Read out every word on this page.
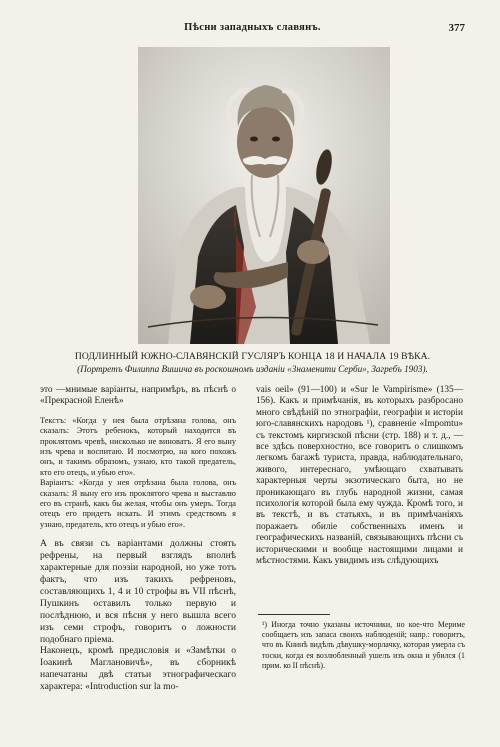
Пѣсни западныхъ славянъ.	377
ПОДЛИННЫЙ ЮЖНО-СЛАВЯНСКІЙ ГУСЛЯРЪ КОНЦА 18 И НАЧАЛА 19 ВѢКА.
(Портретъ Филиппа Вишича въ роскошномъ изданіи «Знаменити Серби», Загребъ 1903).

это —мнимые варіанты, напримѣръ, въ пѣснѣ о «Прекрасной Еленѣ»

Текстъ: «Когда у нея была отрѣзана голова, онъ сказалъ: Этотъ ребенокъ, который находится въ проклятомъ чревѣ, нисколько не виноватъ. Я его выну изъ чрева и воспитаю. И посмотрю, на кого похожъ онъ, и такимъ образомъ, узнаю, кто такой предатель, кто его отецъ, и убью его».

Варіантъ: «Когда у нея отрѣзана была голова, онъ сказалъ: Я выну его изъ проклятого чрева и выставлю его въ странѣ, какъ бы желая, чтобы онъ умеръ. Тогда отецъ его придетъ искать. И этимъ средствомъ я узнаю, предатель, кто отецъ и убью его».

А въ связи съ варіантами должны стоять рефрены, на первый взглядъ вполнѣ характерные для поэзіи народной, но уже тотъ фактъ, что изъ такихъ рефреновъ, составляющихъ 1, 4 и 10 строфы въ VII пѣснѣ, Пушкинъ оставилъ только первую и послѣднюю, и вся пѣсня у него вышла всего изъ семи строфъ, говоритъ о ложности подобнаго пріема.

Наконецъ, кромѣ предисловія и «Замѣтки о Іоакинѣ Маглановичѣ», въ сборникѣ напечатаны двѣ статьи этнографическаго характера: «Introduction sur la mo-

vais oeil» (91—100) и «Sur le Vampirisme» (135—156). Какъ и примѣчанія, въ которыхъ разбросано много свѣдѣній по этнографіи, географіи и исторіи юго-славянскихъ народовъ ¹), сравненіе «Impomtu» съ текстомъ киргизской пѣсни (стр. 188) и т. д., —все здѣсь поверхностно, все говоритъ о слишкомъ легкомъ багажѣ туриста, правда, наблюдательнаго, живого, интереснаго, умѣющаго схватывать характерныя черты экзотическаго быта, но не проникающаго въ глубь народной жизни, самая психологія которой была ему чужда. Кромѣ того, и въ текстѣ, и въ статьяхъ, и въ примѣчаніяхъ поражаетъ обиліе собственныхъ именъ и географическихъ названій, связывающихъ пѣсни съ историческими и вообще настоящими лицами и мѣстностями. Какъ увидимъ изъ слѣдующихъ

¹) Иногда точно указаны источники, но кое-что Мериме сообщаетъ изъ запаса своихъ наблюденій; напр.: говоритъ, что въ Книнѣ видѣлъ дѣвушку-морлачку, которая умерла съ тоски, когда ея возлюбленный ушелъ изъ окна и убился (1 прим. ко II пѣснѣ).
